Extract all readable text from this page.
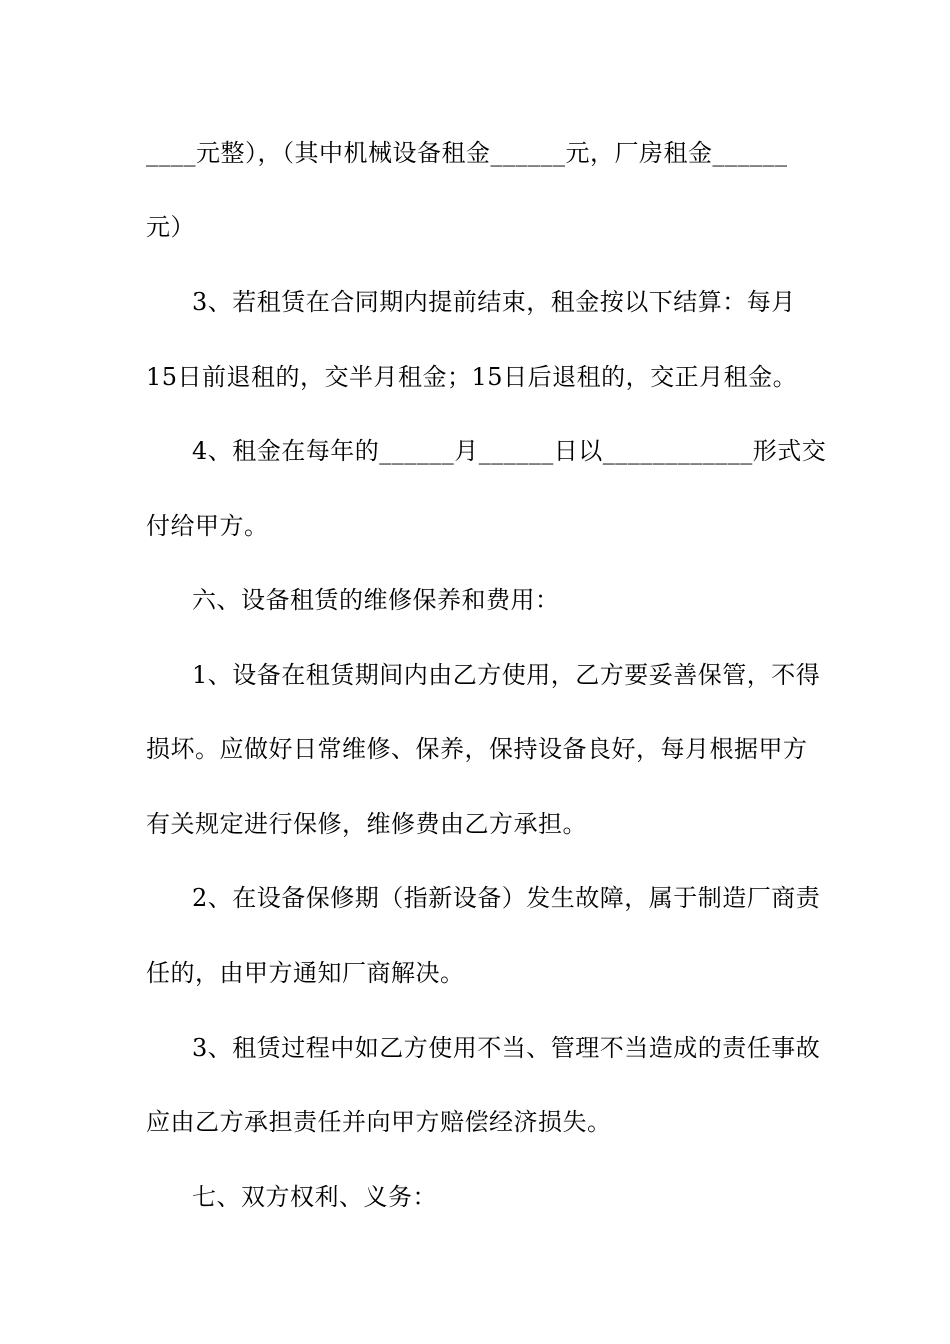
____元整），（其中机械设备租金______元，厂房租金______
元）
3、若租赁在合同期内提前结束，租金按以下结算：每月
15日前退租的，交半月租金；15日后退租的，交正月租金。
4、租金在每年的______月______日以____________形式交
付给甲方。
六、设备租赁的维修保养和费用：
1、设备在租赁期间内由乙方使用，乙方要妥善保管，不得
损坏。应做好日常维修、保养，保持设备良好，每月根据甲方
有关规定进行保修，维修费由乙方承担。
2、在设备保修期（指新设备）发生故障，属于制造厂商责
任的，由甲方通知厂商解决。
3、租赁过程中如乙方使用不当、管理不当造成的责任事故
应由乙方承担责任并向甲方赔偿经济损失。
七、双方权利、义务：
